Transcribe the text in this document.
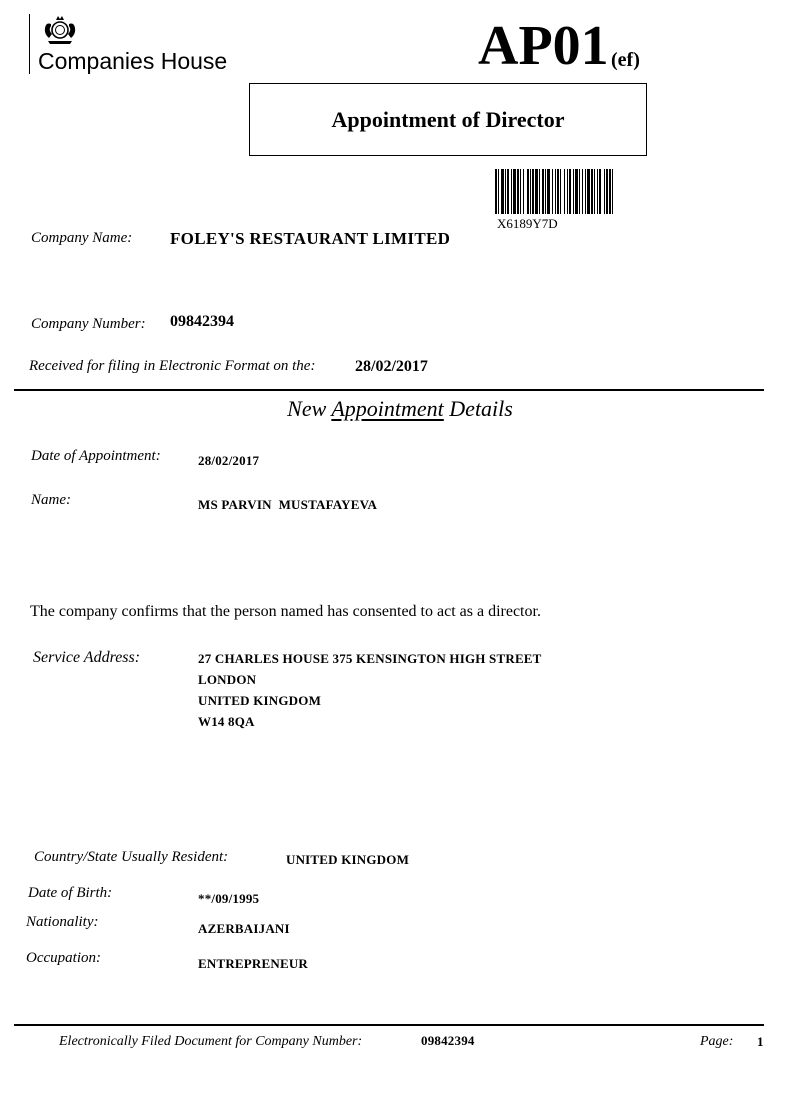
Companies House	AP01 (ef)
Appointment of Director
X6189Y7D
Company Name: FOLEY'S RESTAURANT LIMITED
Company Number: 09842394
Received for filing in Electronic Format on the: 28/02/2017
New Appointment Details
Date of Appointment:	28/02/2017
Name:	MS PARVIN  MUSTAFAYEVA
The company confirms that the person named has consented to act as a director.
Service Address:	27 CHARLES HOUSE 375 KENSINGTON HIGH STREET
LONDON
UNITED KINGDOM
W14 8QA
Country/State Usually Resident:	UNITED KINGDOM
Date of Birth:	**/09/1995
Nationality:	AZERBAIJANI
Occupation:	ENTREPRENEUR
Electronically Filed Document for Company Number:	09842394	Page: 1
